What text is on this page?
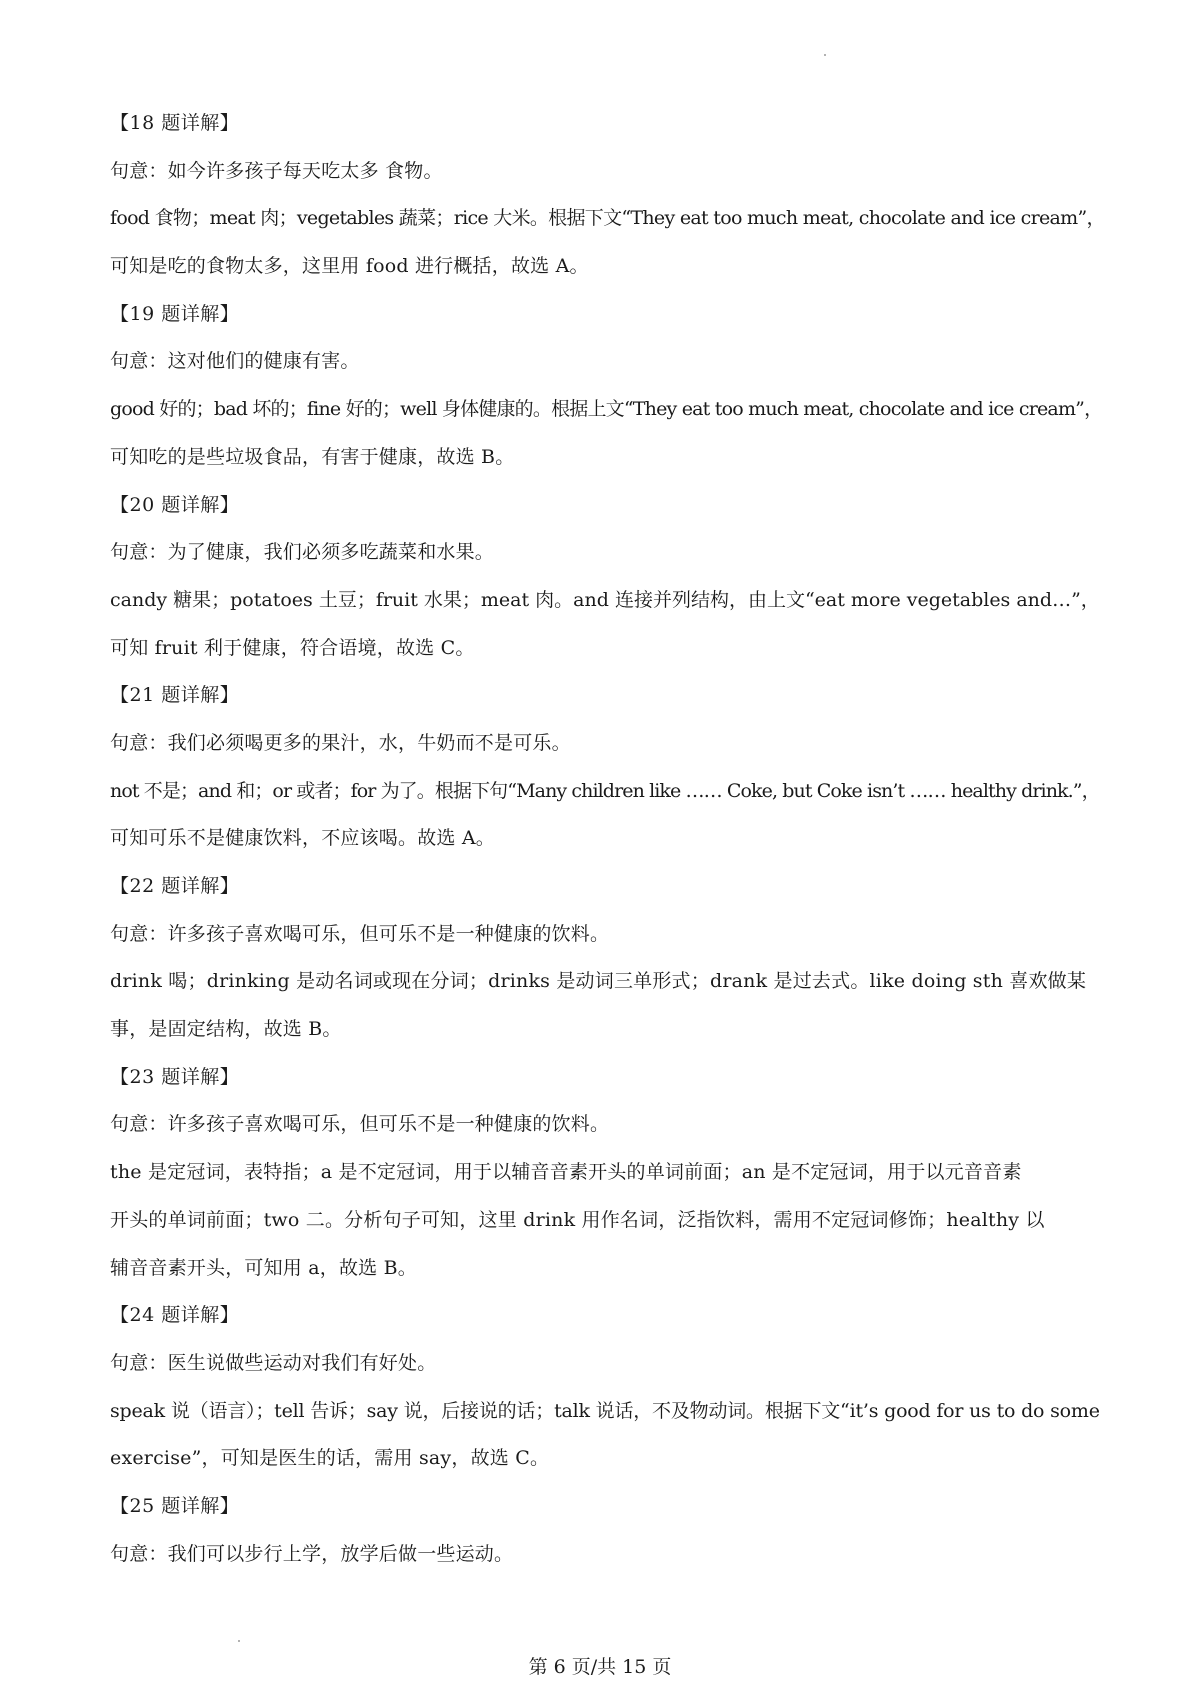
【18 题详解】
句意：如今许多孩子每天吃太多 食物。
food 食物；meat 肉；vegetables 蔬菜；rice 大米。根据下文“They eat too much meat, chocolate and ice cream”，
可知是吃的食物太多，这里用 food 进行概括，故选 A。
【19 题详解】
句意：这对他们的健康有害。
good 好的；bad 坏的；fine 好的；well 身体健康的。根据上文“They eat too much meat, chocolate and ice cream”，
可知吃的是些垃圾食品，有害于健康，故选 B。
【20 题详解】
句意：为了健康，我们必须多吃蔬菜和水果。
candy 糖果；potatoes 土豆；fruit 水果；meat 肉。and 连接并列结构，由上文“eat more vegetables and…”，
可知 fruit 利于健康，符合语境，故选 C。
【21 题详解】
句意：我们必须喝更多的果汁，水，牛奶而不是可乐。
not 不是；and 和；or 或者；for 为了。根据下句“Many children like …… Coke, but Coke isn’t …… healthy drink.”，
可知可乐不是健康饮料，不应该喝。故选 A。
【22 题详解】
句意：许多孩子喜欢喝可乐，但可乐不是一种健康的饮料。
drink 喝；drinking 是动名词或现在分词；drinks 是动词三单形式；drank 是过去式。like doing sth 喜欢做某
事，是固定结构，故选 B。
【23 题详解】
句意：许多孩子喜欢喝可乐，但可乐不是一种健康的饮料。
the 是定冠词，表特指；a 是不定冠词，用于以辅音音素开头的单词前面；an 是不定冠词，用于以元音音素
开头的单词前面；two 二。分析句子可知，这里 drink 用作名词，泛指饮料，需用不定冠词修饰；healthy 以
辅音音素开头，可知用 a，故选 B。
【24 题详解】
句意：医生说做些运动对我们有好处。
speak 说（语言）；tell 告诉；say 说，后接说的话；talk 说话，不及物动词。根据下文“it’s good for us to do some
exercise”，可知是医生的话，需用 say，故选 C。
【25 题详解】
句意：我们可以步行上学，放学后做一些运动。
第 6 页/共 15 页
